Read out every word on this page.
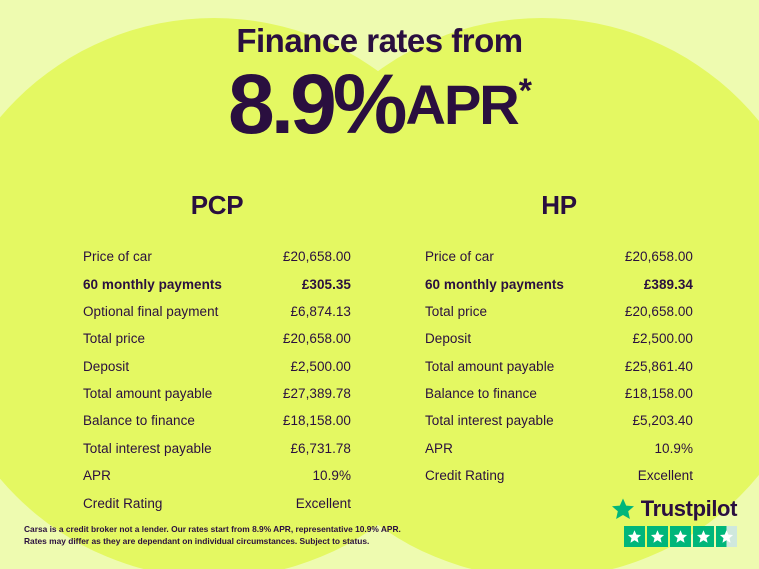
Finance rates from
8.9%APR*
PCP
Price of car	£20,658.00
60 monthly payments	£305.35
Optional final payment	£6,874.13
Total price	£20,658.00
Deposit	£2,500.00
Total amount payable	£27,389.78
Balance to finance	£18,158.00
Total interest payable	£6,731.78
APR	10.9%
Credit Rating	Excellent
HP
Price of car	£20,658.00
60 monthly payments	£389.34
Total price	£20,658.00
Deposit	£2,500.00
Total amount payable	£25,861.40
Balance to finance	£18,158.00
Total interest payable	£5,203.40
APR	10.9%
Credit Rating	Excellent
Carsa is a credit broker not a lender. Our rates start from 8.9% APR, representative 10.9% APR.
Rates may differ as they are dependant on individual circumstances. Subject to status.
Trustpilot
